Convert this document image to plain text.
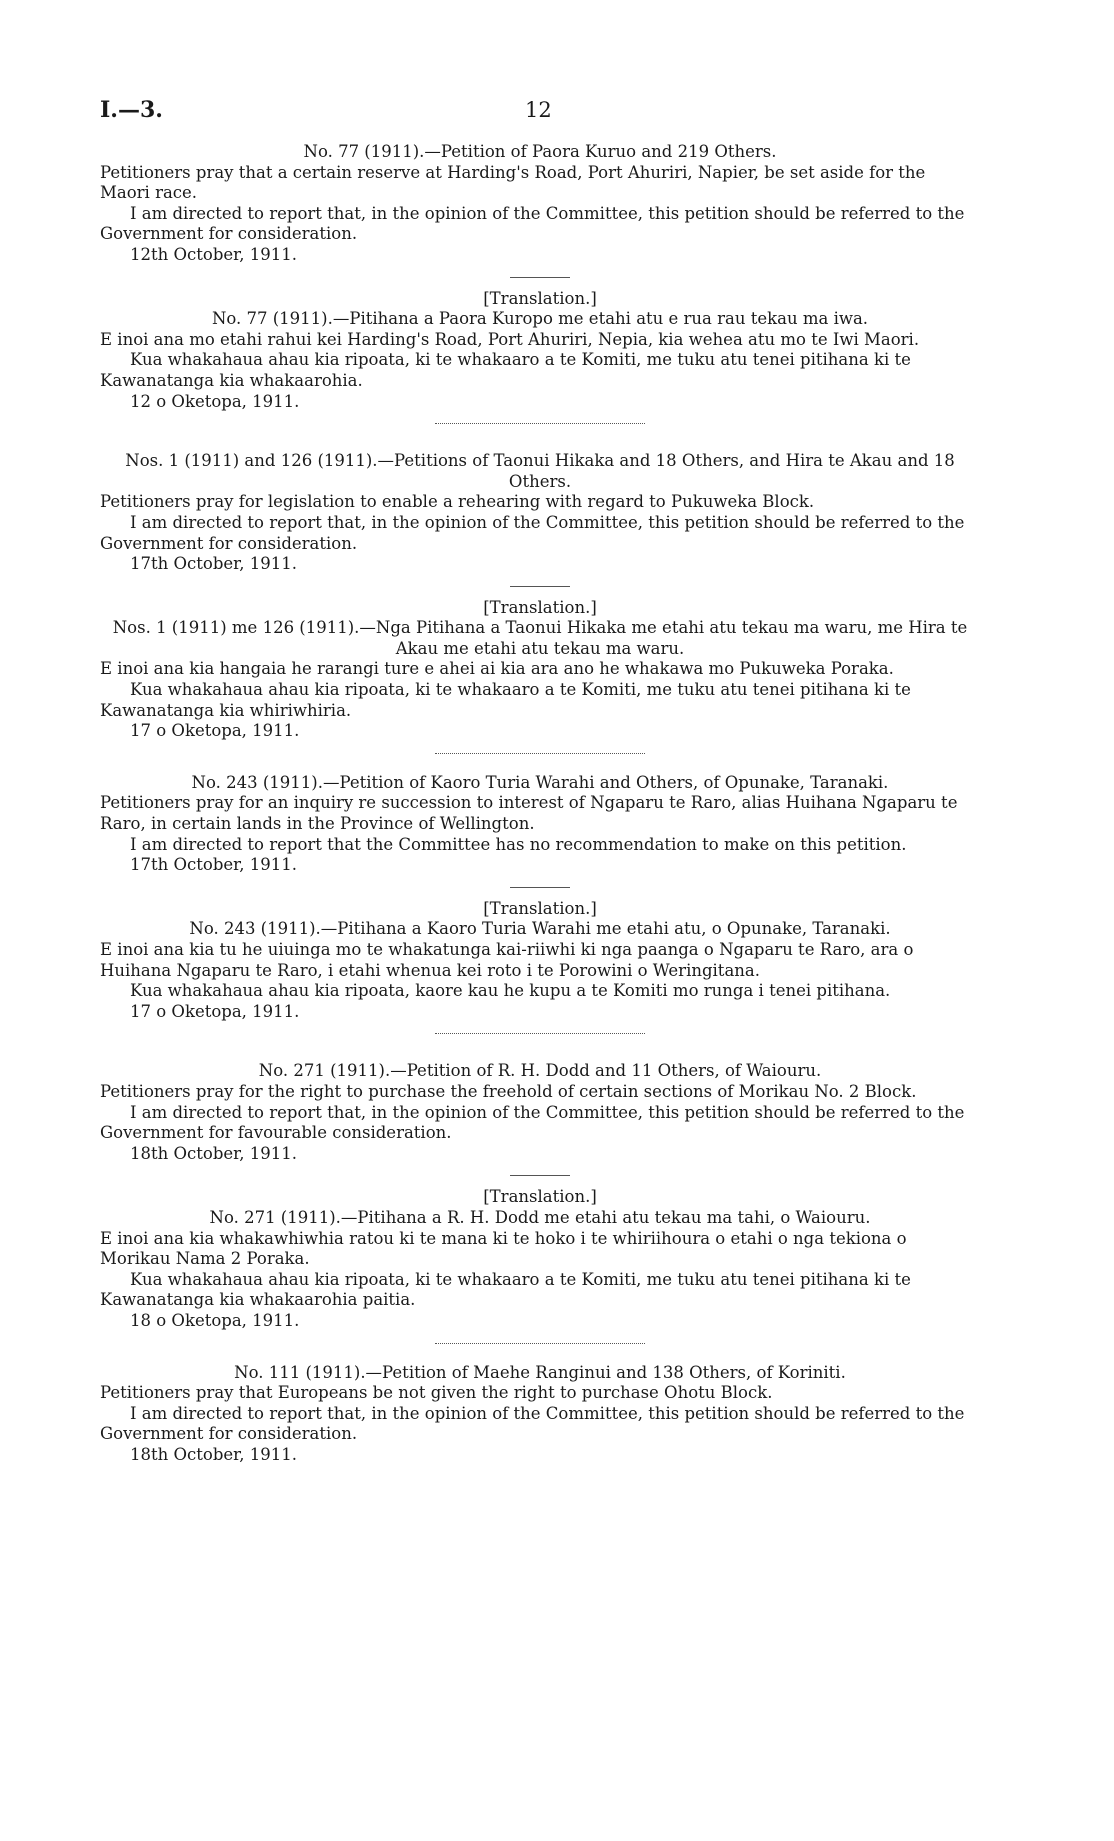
I.—3.	12

No. 77 (1911).—Petition of Paora Kuruo and 219 Others.

Petitioners pray that a certain reserve at Harding's Road, Port Ahuriri, Napier, be set aside for the Maori race.

I am directed to report that, in the opinion of the Committee, this petition should be referred to the Government for consideration.

12th October, 1911.

[Translation.]

No. 77 (1911).—Pitihana a Paora Kuropo me etahi atu e rua rau tekau ma iwa.

E inoi ana mo etahi rahui kei Harding's Road, Port Ahuriri, Nepia, kia wehea atu mo te Iwi Maori.

Kua whakahaua ahau kia ripoata, ki te whakaaro a te Komiti, me tuku atu tenei pitihana ki te Kawanatanga kia whakaarohia.

12 o Oketopa, 1911.

Nos. 1 (1911) and 126 (1911).—Petitions of Taonui Hikaka and 18 Others, and Hira te Akau and 18 Others.

Petitioners pray for legislation to enable a rehearing with regard to Pukuweka Block.

I am directed to report that, in the opinion of the Committee, this petition should be referred to the Government for consideration.

17th October, 1911.

[Translation.]

Nos. 1 (1911) me 126 (1911).—Nga Pitihana a Taonui Hikaka me etahi atu tekau ma waru, me Hira te Akau me etahi atu tekau ma waru.

E inoi ana kia hangaia he rarangi ture e ahei ai kia ara ano he whakawa mo Pukuweka Poraka.

Kua whakahaua ahau kia ripoata, ki te whakaaro a te Komiti, me tuku atu tenei pitihana ki te Kawanatanga kia whiriwhiria.

17 o Oketopa, 1911.

No. 243 (1911).—Petition of Kaoro Turia Warahi and Others, of Opunake, Taranaki.

Petitioners pray for an inquiry re succession to interest of Ngaparu te Raro, alias Huihana Ngaparu te Raro, in certain lands in the Province of Wellington.

I am directed to report that the Committee has no recommendation to make on this petition.

17th October, 1911.

[Translation.]

No. 243 (1911).—Pitihana a Kaoro Turia Warahi me etahi atu, o Opunake, Taranaki.

E inoi ana kia tu he uiuinga mo te whakatunga kai-riiwhi ki nga paanga o Ngaparu te Raro, ara o Huihana Ngaparu te Raro, i etahi whenua kei roto i te Porowini o Weringitana.

Kua whakahaua ahau kia ripoata, kaore kau he kupu a te Komiti mo runga i tenei pitihana.

17 o Oketopa, 1911.

No. 271 (1911).—Petition of R. H. Dodd and 11 Others, of Waiouru.

Petitioners pray for the right to purchase the freehold of certain sections of Morikau No. 2 Block.

I am directed to report that, in the opinion of the Committee, this petition should be referred to the Government for favourable consideration.

18th October, 1911.

[Translation.]

No. 271 (1911).—Pitihana a R. H. Dodd me etahi atu tekau ma tahi, o Waiouru.

E inoi ana kia whakawhiwhia ratou ki te mana ki te hoko i te whiriihoura o etahi o nga tekiona o Morikau Nama 2 Poraka.

Kua whakahaua ahau kia ripoata, ki te whakaaro a te Komiti, me tuku atu tenei pitihana ki te Kawanatanga kia whakaarohia paitia.

18 o Oketopa, 1911.

No. 111 (1911).—Petition of Maehe Ranginui and 138 Others, of Koriniti.

Petitioners pray that Europeans be not given the right to purchase Ohotu Block.

I am directed to report that, in the opinion of the Committee, this petition should be referred to the Government for consideration.

18th October, 1911.
